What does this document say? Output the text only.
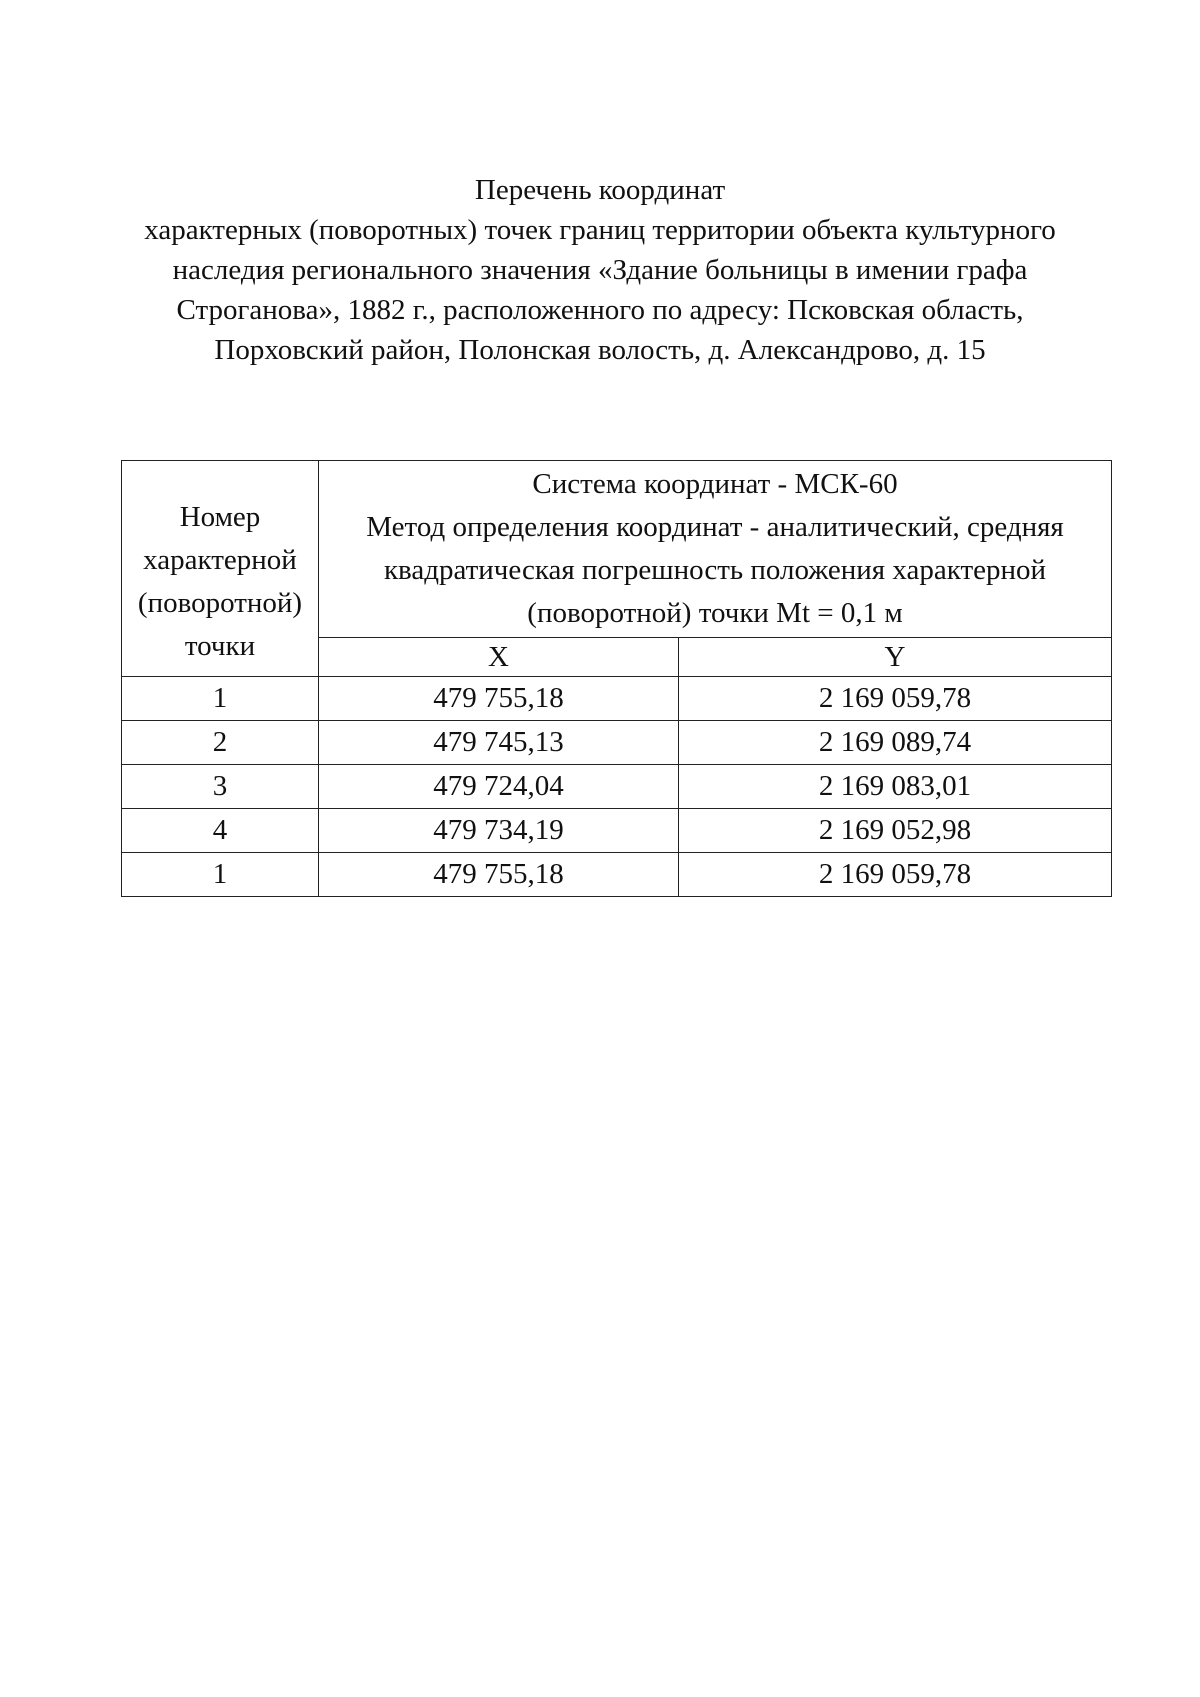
Перечень координат
характерных (поворотных) точек границ территории объекта культурного
наследия регионального значения «Здание больницы в имении графа
Строганова», 1882 г., расположенного по адресу: Псковская область,
Порховский район, Полонская волость, д. Александрово, д. 15
Номер
характерной
(поворотной)
точки	Система координат - МСК-60
Метод определения координат - аналитический, средняя
квадратическая погрешность положения характерной
(поворотной) точки Mt = 0,1 м	

	X	Y
1	479 755,18	2 169 059,78
2	479 745,13	2 169 089,74
3	479 724,04	2 169 083,01
4	479 734,19	2 169 052,98
1	479 755,18	2 169 059,78
